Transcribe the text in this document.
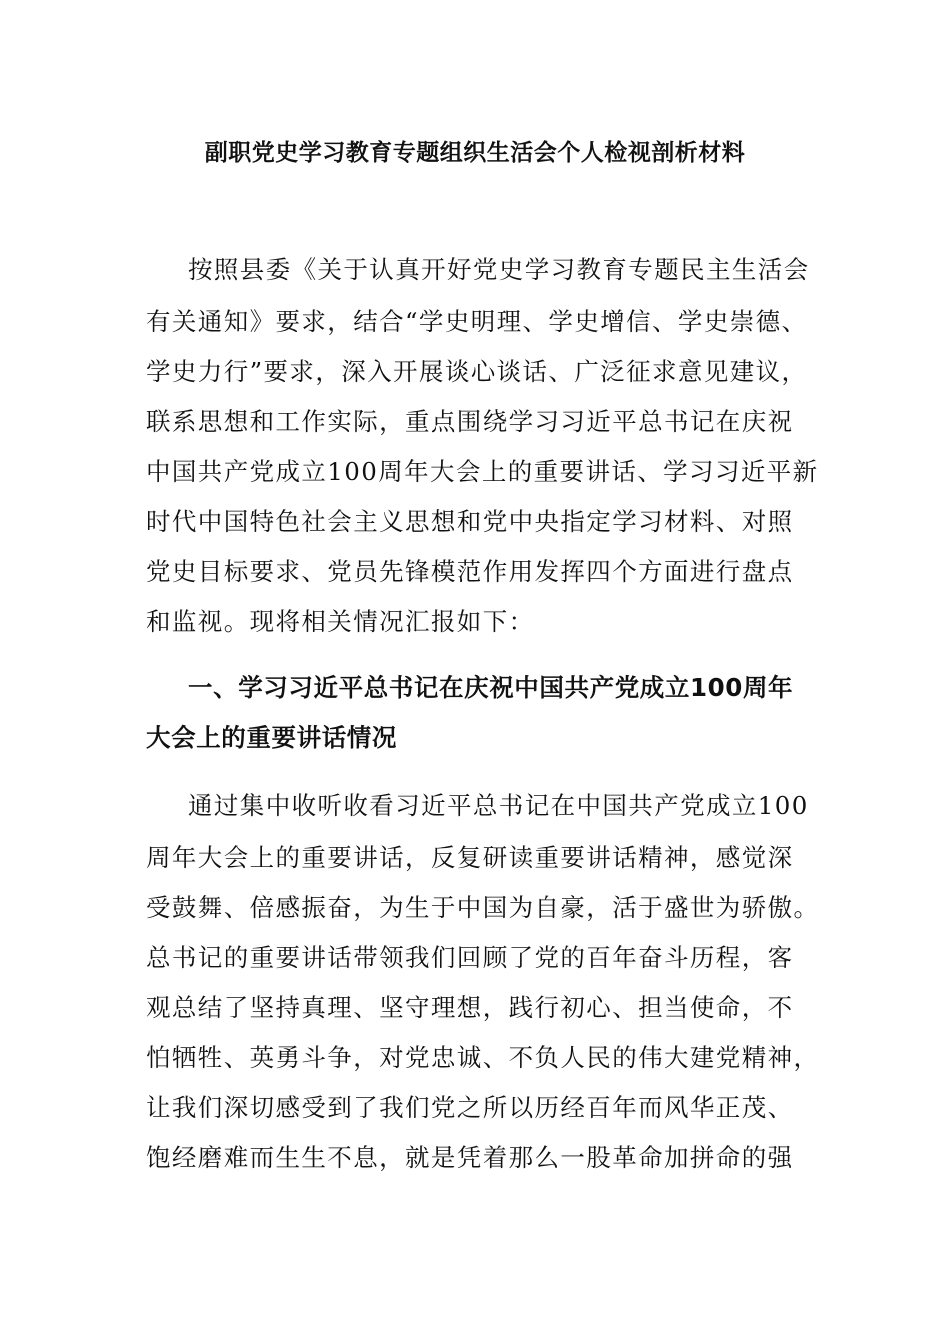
副职党史学习教育专题组织生活会个人检视剖析材料
按照县委《关于认真开好党史学习教育专题民主生活会
有关通知》要求，结合“学史明理、学史增信、学史崇德、
学史力行”要求，深入开展谈心谈话、广泛征求意见建议，
联系思想和工作实际，重点围绕学习习近平总书记在庆祝
中国共产党成立100周年大会上的重要讲话、学习习近平新
时代中国特色社会主义思想和党中央指定学习材料、对照
党史目标要求、党员先锋模范作用发挥四个方面进行盘点
和监视。现将相关情况汇报如下：
一、学习习近平总书记在庆祝中国共产党成立100周年
大会上的重要讲话情况
通过集中收听收看习近平总书记在中国共产党成立100
周年大会上的重要讲话，反复研读重要讲话精神，感觉深
受鼓舞、倍感振奋，为生于中国为自豪，活于盛世为骄傲。
总书记的重要讲话带领我们回顾了党的百年奋斗历程，客
观总结了坚持真理、坚守理想，践行初心、担当使命，不
怕牺牲、英勇斗争，对党忠诚、不负人民的伟大建党精神，
让我们深切感受到了我们党之所以历经百年而风华正茂、
饱经磨难而生生不息，就是凭着那么一股革命加拼命的强
